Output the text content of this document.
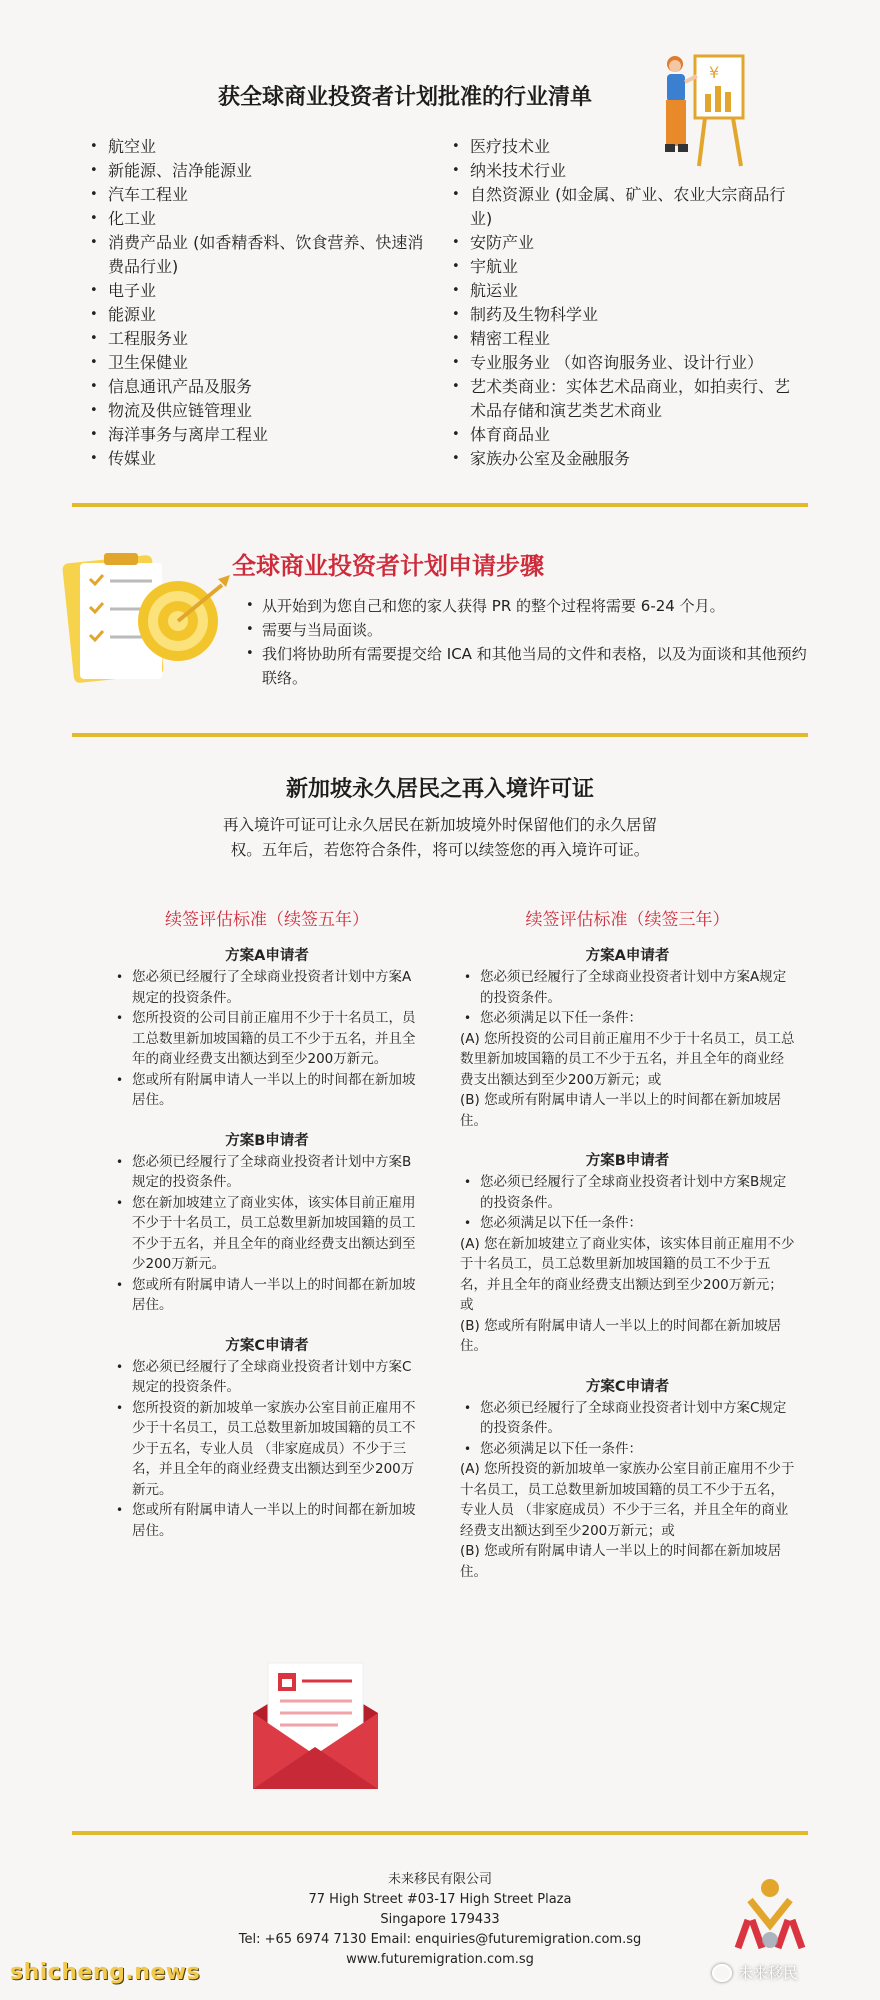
获全球商业投资者计划批准的行业清单
¥
• 航空业
• 新能源、洁净能源业
• 汽车工程业
• 化工业
• 消费产品业 (如香精香料、饮食营养、快速消费品行业)
• 电子业
• 能源业
• 工程服务业
• 卫生保健业
• 信息通讯产品及服务
• 物流及供应链管理业
• 海洋事务与离岸工程业
• 传媒业
• 医疗技术业
• 纳米技术行业
• 自然资源业 (如金属、矿业、农业大宗商品行业)
• 安防产业
• 宇航业
• 航运业
• 制药及生物科学业
• 精密工程业
• 专业服务业 （如咨询服务业、设计行业）
• 艺术类商业：实体艺术品商业，如拍卖行、艺术品存储和演艺类艺术商业
• 体育商品业
• 家族办公室及金融服务
全球商业投资者计划申请步骤
• 从开始到为您自己和您的家人获得 PR 的整个过程将需要 6-24 个月。
• 需要与当局面谈。
• 我们将协助所有需要提交给 ICA 和其他当局的文件和表格，以及为面谈和其他预约联络。
新加坡永久居民之再入境许可证
再入境许可证可让永久居民在新加坡境外时保留他们的永久居留权。五年后，若您符合条件，将可以续签您的再入境许可证。
续签评估标准（续签五年）
方案A申请者
• 您必须已经履行了全球商业投资者计划中方案A规定的投资条件。
• 您所投资的公司目前正雇用不少于十名员工，员工总数里新加坡国籍的员工不少于五名，并且全年的商业经费支出额达到至少200万新元。
• 您或所有附属申请人一半以上的时间都在新加坡居住。
方案B申请者
• 您必须已经履行了全球商业投资者计划中方案B规定的投资条件。
• 您在新加坡建立了商业实体，该实体目前正雇用不少于十名员工，员工总数里新加坡国籍的员工不少于五名，并且全年的商业经费支出额达到至少200万新元。
• 您或所有附属申请人一半以上的时间都在新加坡居住。
方案C申请者
• 您必须已经履行了全球商业投资者计划中方案C规定的投资条件。
• 您所投资的新加坡单一家族办公室目前正雇用不少于十名员工，员工总数里新加坡国籍的员工不少于五名，专业人员 （非家庭成员）不少于三名，并且全年的商业经费支出额达到至少200万新元。
• 您或所有附属申请人一半以上的时间都在新加坡居住。
续签评估标准（续签三年）
方案A申请者
• 您必须已经履行了全球商业投资者计划中方案A规定的投资条件。
• 您必须满足以下任一条件：
(A) 您所投资的公司目前正雇用不少于十名员工，员工总数里新加坡国籍的员工不少于五名，并且全年的商业经费支出额达到至少200万新元；或
(B) 您或所有附属申请人一半以上的时间都在新加坡居住。
方案B申请者
• 您必须已经履行了全球商业投资者计划中方案B规定的投资条件。
• 您必须满足以下任一条件：
(A) 您在新加坡建立了商业实体，该实体目前正雇用不少于十名员工，员工总数里新加坡国籍的员工不少于五名，并且全年的商业经费支出额达到至少200万新元；或
(B) 您或所有附属申请人一半以上的时间都在新加坡居住。
方案C申请者
• 您必须已经履行了全球商业投资者计划中方案C规定的投资条件。
• 您必须满足以下任一条件：
(A) 您所投资的新加坡单一家族办公室目前正雇用不少于十名员工，员工总数里新加坡国籍的员工不少于五名，专业人员 （非家庭成员）不少于三名，并且全年的商业经费支出额达到至少200万新元；或
(B) 您或所有附属申请人一半以上的时间都在新加坡居住。
未来移民有限公司
77 High Street #03-17 High Street Plaza
Singapore 179433
Tel: +65 6974 7130 Email: enquiries@futuremigration.com.sg
www.futuremigration.com.sg
shicheng.news	未来移民
